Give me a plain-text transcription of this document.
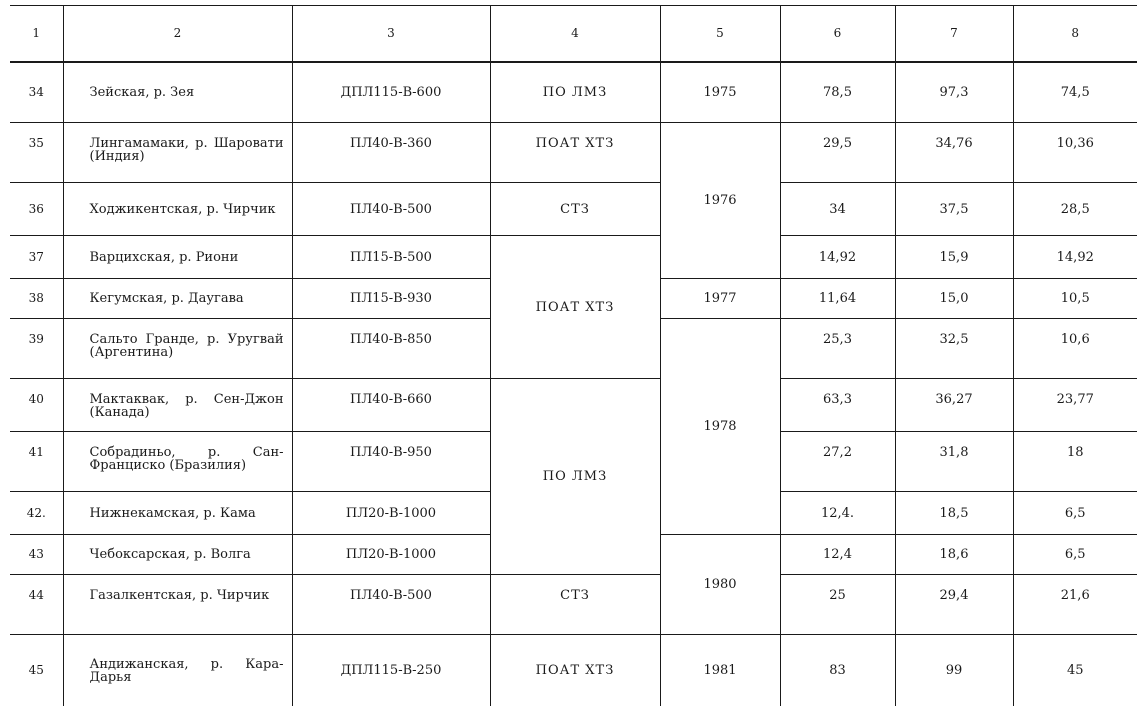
1	2	3	4	5	6	7	8
34	Зейская, р. Зея	ДПЛ115-В-600	ПО ЛМЗ	1975	78,5	97,3	74,5
35	Лингамамаки, р. Шаровати (Индия)	ПЛ40-В-360	ПОАТ ХТЗ	1976	29,5	34,76	10,36
36	Ходжикентская, р. Чирчик	ПЛ40-В-500	СТЗ		34	37,5	28,5
37	Варцихская, р. Риони	ПЛ15-В-500	ПОАТ ХТЗ		14,92	15,9	14,92
38	Кегумская, р. Даугава	ПЛ15-В-930		1977	11,64	15,0	10,5
39	Сальто Гранде, р. Уругвай (Аргентина)	ПЛ40-В-850		1978	25,3	32,5	10,6
40	Мактаквак, р. Сен-Джон (Канада)	ПЛ40-В-660	ПО ЛМЗ		63,3	36,27	23,77
41	Собрадиньо, р. Сан-Франциско (Бразилия)	ПЛ40-В-950			27,2	31,8	18
42.	Нижнекамская, р. Кама	ПЛ20-В-1000			12,4.	18,5	6,5
43	Чебоксарская, р. Волга	ПЛ20-В-1000		1980	12,4	18,6	6,5
44	Газалкентская, р. Чирчик	ПЛ40-В-500	СТЗ		25	29,4	21,6
45	Андижанская, р. Кара-Дарья	ДПЛ115-В-250	ПОАТ ХТЗ	1981	83	99	45
